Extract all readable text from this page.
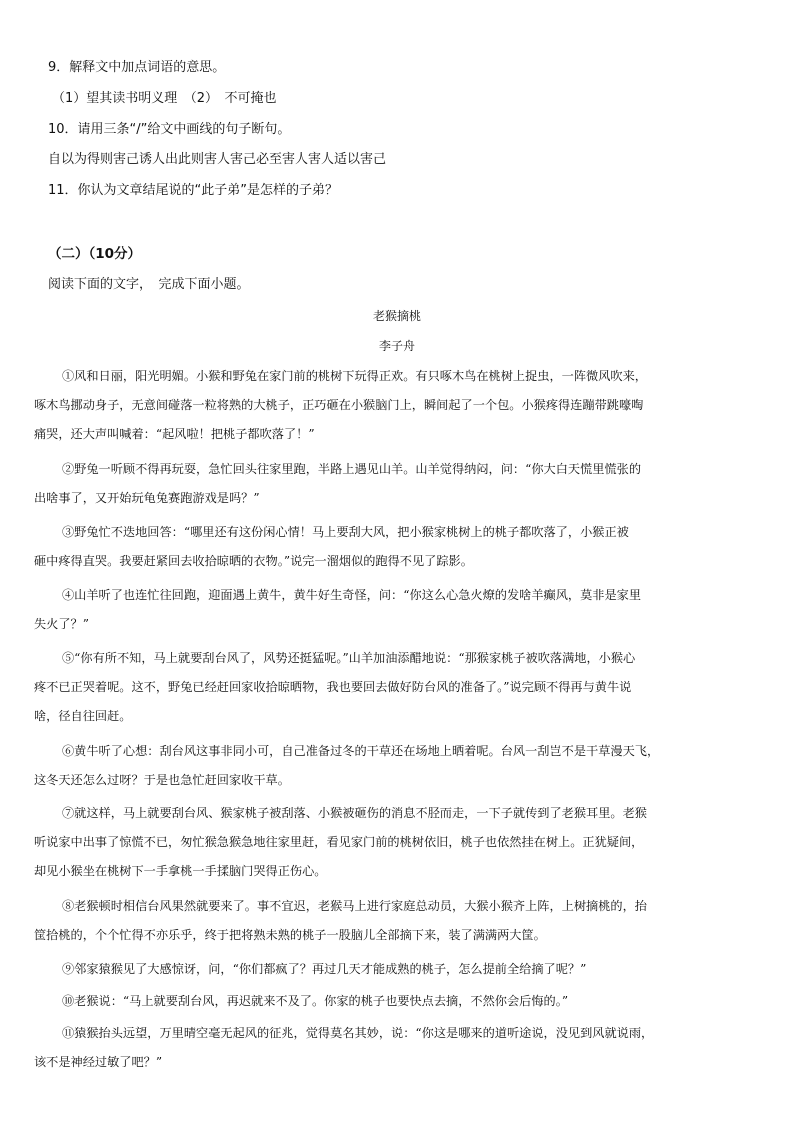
9．解释文中加点词语的意思。
（1）望其读书明义理　（2）　不可掩也
10．请用三条“/”给文中画线的句子断句。
自以为得则害己诱人出此则害人害己必至害人害人适以害己
11．你认为文章结尾说的“此子弟”是怎样的子弟？
（二）（10分）
阅读下面的文字，　完成下面小题。
老猴摘桃
李子舟
①风和日丽，阳光明媚。小猴和野兔在家门前的桃树下玩得正欢。有只啄木鸟在桃树上捉虫，一阵微风吹来，
啄木鸟挪动身子，无意间碰落一粒将熟的大桃子，正巧砸在小猴脑门上，瞬间起了一个包。小猴疼得连蹦带跳嚎啕
痛哭，还大声叫喊着：“起风啦！把桃子都吹落了！”
②野兔一听顾不得再玩耍，急忙回头往家里跑，半路上遇见山羊。山羊觉得纳闷，问：“你大白天慌里慌张的
出啥事了，又开始玩龟兔赛跑游戏是吗？”
③野兔忙不迭地回答：“哪里还有这份闲心情！马上要刮大风，把小猴家桃树上的桃子都吹落了，小猴正被
砸中疼得直哭。我要赶紧回去收拾晾晒的衣物。”说完一溜烟似的跑得不见了踪影。
④山羊听了也连忙往回跑，迎面遇上黄牛，黄牛好生奇怪，问：“你这么心急火燎的发啥羊癫风，莫非是家里
失火了？”
⑤“你有所不知，马上就要刮台风了，风势还挺猛呢。”山羊加油添醋地说：“那猴家桃子被吹落满地，小猴心
疼不已正哭着呢。这不，野兔已经赶回家收拾晾晒物，我也要回去做好防台风的准备了。”说完顾不得再与黄牛说
啥，径自往回赶。
⑥黄牛听了心想：刮台风这事非同小可，自己准备过冬的干草还在场地上晒着呢。台风一刮岂不是干草漫天飞，
这冬天还怎么过呀？于是也急忙赶回家收干草。
⑦就这样，马上就要刮台风、猴家桃子被刮落、小猴被砸伤的消息不胫而走，一下子就传到了老猴耳里。老猴
听说家中出事了惊慌不已，匆忙猴急猴急地往家里赶，看见家门前的桃树依旧，桃子也依然挂在树上。正犹疑间，
却见小猴坐在桃树下一手拿桃一手揉脑门哭得正伤心。
⑧老猴顿时相信台风果然就要来了。事不宜迟，老猴马上进行家庭总动员，大猴小猴齐上阵，上树摘桃的，抬
筐拾桃的，个个忙得不亦乐乎，终于把将熟未熟的桃子一股脑儿全部摘下来，装了满满两大筐。
⑨邻家猿猴见了大感惊讶，问，“你们都疯了？再过几天才能成熟的桃子，怎么提前全给摘了呢？”
⑩老猴说：“马上就要刮台风，再迟就来不及了。你家的桃子也要快点去摘，不然你会后悔的。”
⑪猿猴抬头远望，万里晴空毫无起风的征兆，觉得莫名其妙，说：“你这是哪来的道听途说，没见到风就说雨，
该不是神经过敏了吧？”
